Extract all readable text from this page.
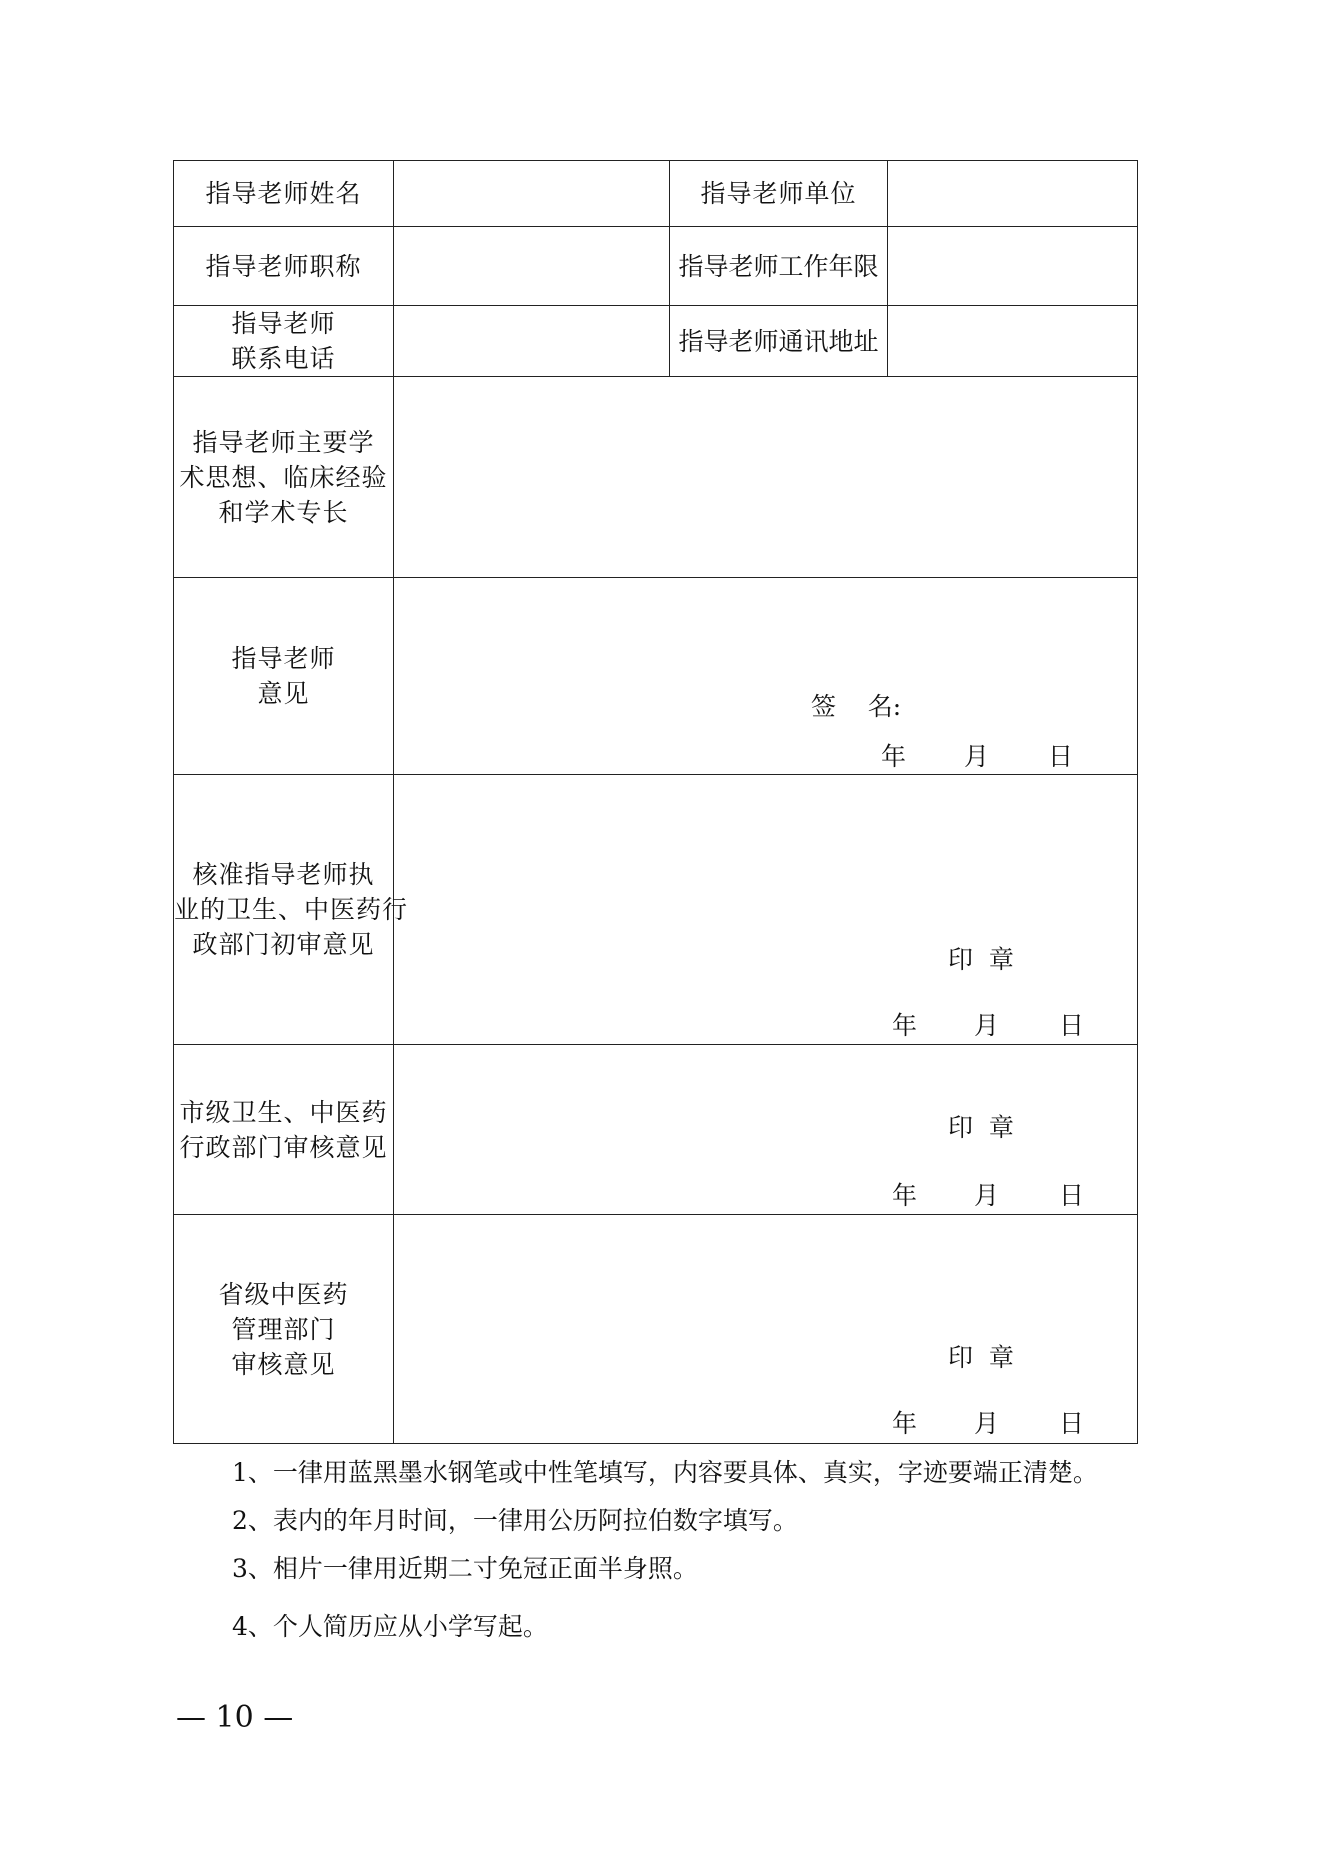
指导老师姓名		指导老师单位	
指导老师职称		指导老师工作年限	

指导老师
联系电话		指导老师通讯地址	

指导老师主要学
术思想、临床经验
和学术专长			

指导老师
意见	签    名:
年 月 日		

核准指导老师执
业的卫生、中医药行
政部门初审意见	印  章
年 月 日		

市级卫生、中医药
行政部门审核意见	印  章
年 月 日		

省级中医药
管理部门
审核意见	印  章
年 月 日		
1、一律用蓝黑墨水钢笔或中性笔填写，内容要具体、真实，字迹要端正清楚。
2、表内的年月时间，一律用公历阿拉伯数字填写。
3、相片一律用近期二寸免冠正面半身照。
4、个人简历应从小学写起。
— 10 —
